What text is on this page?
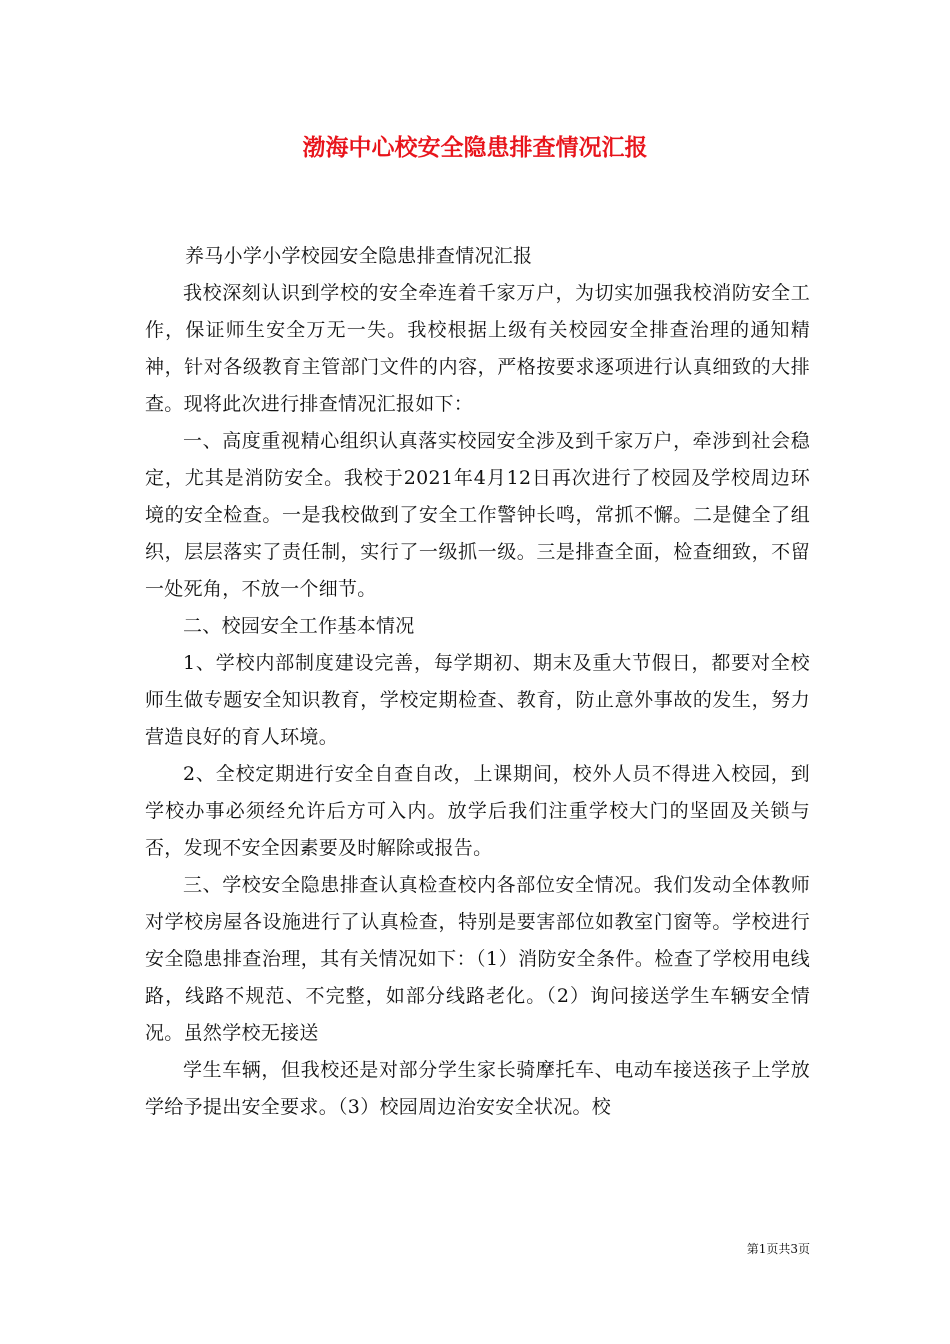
渤海中心校安全隐患排查情况汇报

养马小学小学校园安全隐患排查情况汇报

我校深刻认识到学校的安全牵连着千家万户，为切实加强我校消防安全工作，保证师生安全万无一失。我校根据上级有关校园安全排查治理的通知精神，针对各级教育主管部门文件的内容，严格按要求逐项进行认真细致的大排查。现将此次进行排查情况汇报如下：

一、高度重视精心组织认真落实校园安全涉及到千家万户，牵涉到社会稳定，尤其是消防安全。我校于2021年4月12日再次进行了校园及学校周边环境的安全检查。一是我校做到了安全工作警钟长鸣，常抓不懈。二是健全了组织，层层落实了责任制，实行了一级抓一级。三是排查全面，检查细致，不留一处死角，不放一个细节。

二、校园安全工作基本情况

1、学校内部制度建设完善，每学期初、期末及重大节假日，都要对全校师生做专题安全知识教育，学校定期检查、教育，防止意外事故的发生，努力营造良好的育人环境。

2、全校定期进行安全自查自改，上课期间，校外人员不得进入校园，到学校办事必须经允许后方可入内。放学后我们注重学校大门的坚固及关锁与否，发现不安全因素要及时解除或报告。

三、学校安全隐患排查认真检查校内各部位安全情况。我们发动全体教师对学校房屋各设施进行了认真检查，特别是要害部位如教室门窗等。学校进行安全隐患排查治理，其有关情况如下：（1）消防安全条件。检查了学校用电线路，线路不规范、不完整，如部分线路老化。（2）询问接送学生车辆安全情况。虽然学校无接送

学生车辆，但我校还是对部分学生家长骑摩托车、电动车接送孩子上学放学给予提出安全要求。（3）校园周边治安安全状况。校

第1页共3页
